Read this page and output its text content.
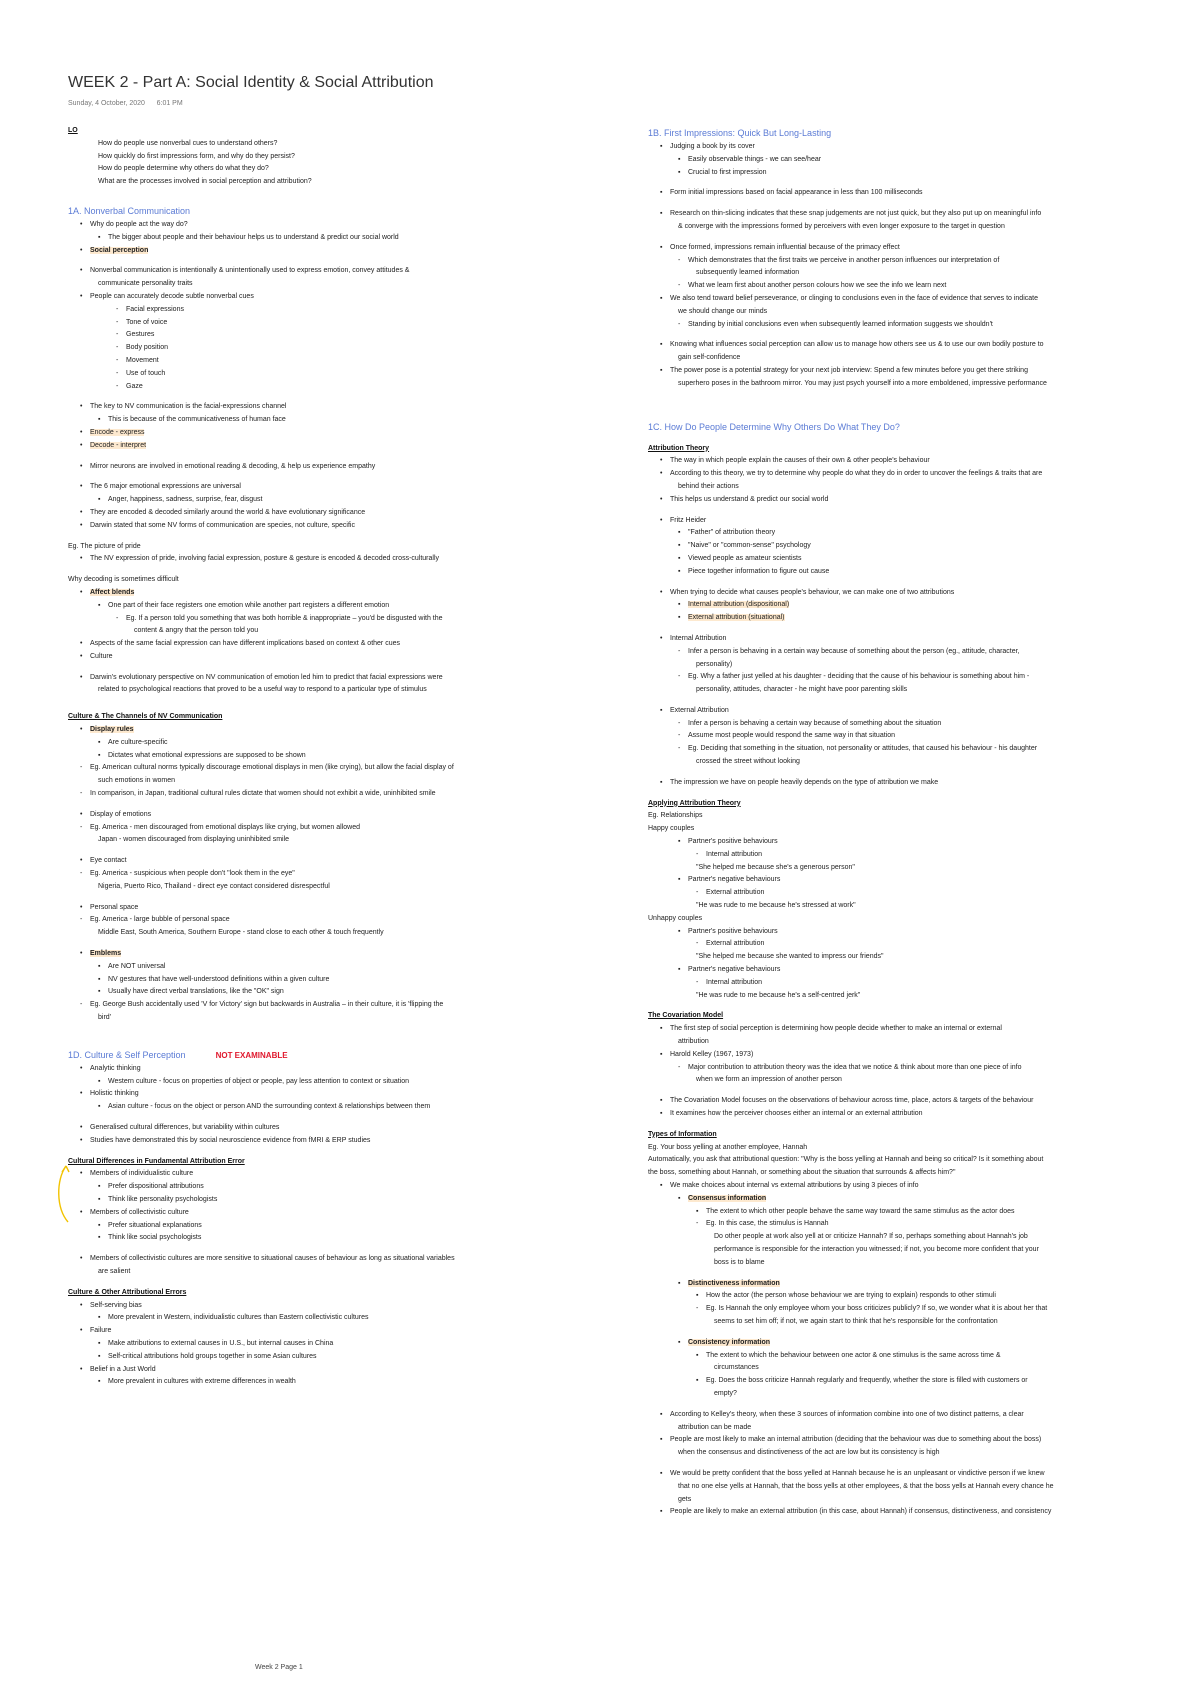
WEEK 2 - Part A: Social Identity & Social Attribution
Sunday, 4 October, 2020 6:01 PM
LO
How do people use nonverbal cues to understand others?
How quickly do first impressions form, and why do they persist?
How do people determine why others do what they do?
What are the processes involved in social perception and attribution?
1A. Nonverbal Communication
• Why do people act the way do?
▪ The bigger about people and their behaviour helps us to understand & predict our social world
• Social perception
• Nonverbal communication is intentionally & unintentionally used to express emotion, convey attitudes &
communicate personality traits
• People can accurately decode subtle nonverbal cues
- Facial expressions
- Tone of voice
- Gestures
- Body position
- Movement
- Use of touch
- Gaze
• The key to NV communication is the facial-expressions channel
▪ This is because of the communicativeness of human face
• Encode - express
• Decode - interpret
• Mirror neurons are involved in emotional reading & decoding, & help us experience empathy
• The 6 major emotional expressions are universal
▪ Anger, happiness, sadness, surprise, fear, disgust
• They are encoded & decoded similarly around the world & have evolutionary significance
• Darwin stated that some NV forms of communication are species, not culture, specific
Eg. The picture of pride
• The NV expression of pride, involving facial expression, posture & gesture is encoded & decoded cross-culturally
Why decoding is sometimes difficult
• Affect blends
▪ One part of their face registers one emotion while another part registers a different emotion
- Eg. If a person told you something that was both horrible & inappropriate – you'd be disgusted with the
content & angry that the person told you
• Aspects of the same facial expression can have different implications based on context & other cues
• Culture
• Darwin's evolutionary perspective on NV communication of emotion led him to predict that facial expressions were
related to psychological reactions that proved to be a useful way to respond to a particular type of stimulus
Culture & The Channels of NV Communication
• Display rules
▪ Are culture-specific
▪ Dictates what emotional expressions are supposed to be shown
- Eg. American cultural norms typically discourage emotional displays in men (like crying), but allow the facial display of
such emotions in women
- In comparison, in Japan, traditional cultural rules dictate that women should not exhibit a wide, uninhibited smile
• Display of emotions
- Eg. America - men discouraged from emotional displays like crying, but women allowed
Japan - women discouraged from displaying uninhibited smile
• Eye contact
- Eg. America - suspicious when people don't "look them in the eye"
Nigeria, Puerto Rico, Thailand - direct eye contact considered disrespectful
• Personal space
- Eg. America - large bubble of personal space
Middle East, South America, Southern Europe - stand close to each other & touch frequently
• Emblems
▪ Are NOT universal
▪ NV gestures that have well-understood definitions within a given culture
▪ Usually have direct verbal translations, like the "OK" sign
- Eg. George Bush accidentally used 'V for Victory' sign but backwards in Australia – in their culture, it is 'flipping the
bird'
1D. Culture & Self Perception	NOT EXAMINABLE
• Analytic thinking
▪ Western culture - focus on properties of object or people, pay less attention to context or situation
• Holistic thinking
▪ Asian culture - focus on the object or person AND the surrounding context & relationships between them
• Generalised cultural differences, but variability within cultures
• Studies have demonstrated this by social neuroscience evidence from fMRI & ERP studies
Cultural Differences in Fundamental Attribution Error
• Members of individualistic culture
▪ Prefer dispositional attributions
▪ Think like personality psychologists
• Members of collectivistic culture
▪ Prefer situational explanations
▪ Think like social psychologists
• Members of collectivistic cultures are more sensitive to situational causes of behaviour as long as situational variables
are salient
Culture & Other Attributional Errors
• Self-serving bias
▪ More prevalent in Western, individualistic cultures than Eastern collectivistic cultures
• Failure
▪ Make attributions to external causes in U.S., but internal causes in China
▪ Self-critical attributions hold groups together in some Asian cultures
• Belief in a Just World
▪ More prevalent in cultures with extreme differences in wealth
1B. First Impressions: Quick But Long-Lasting
▪ Judging a book by its cover
▪ Easily observable things - we can see/hear
▪ Crucial to first impression
▪ Form initial impressions based on facial appearance in less than 100 milliseconds
▪ Research on thin-slicing indicates that these snap judgements are not just quick, but they also put up on meaningful info
& converge with the impressions formed by perceivers with even longer exposure to the target in question
▪ Once formed, impressions remain influential because of the primacy effect
- Which demonstrates that the first traits we perceive in another person influences our interpretation of
subsequently learned information
- What we learn first about another person colours how we see the info we learn next
▪ We also tend toward belief perseverance, or clinging to conclusions even in the face of evidence that serves to indicate
we should change our minds
- Standing by initial conclusions even when subsequently learned information suggests we shouldn't
▪ Knowing what influences social perception can allow us to manage how others see us & to use our own bodily posture to
gain self-confidence
▪ The power pose is a potential strategy for your next job interview: Spend a few minutes before you get there striking
superhero poses in the bathroom mirror. You may just psych yourself into a more emboldened, impressive performance
1C. How Do People Determine Why Others Do What They Do?
Attribution Theory
• The way in which people explain the causes of their own & other people's behaviour
• According to this theory, we try to determine why people do what they do in order to uncover the feelings & traits that are
behind their actions
• This helps us understand & predict our social world
• Fritz Heider
▪ "Father" of attribution theory
▪ "Naive" or "common-sense" psychology
▪ Viewed people as amateur scientists
▪ Piece together information to figure out cause
• When trying to decide what causes people's behaviour, we can make one of two attributions
▪ Internal attribution (dispositional)
▪ External attribution (situational)
• Internal Attribution
- Infer a person is behaving in a certain way because of something about the person (eg., attitude, character,
personality)
- Eg. Why a father just yelled at his daughter - deciding that the cause of his behaviour is something about him -
personality, attitudes, character - he might have poor parenting skills
▪ External Attribution
- Infer a person is behaving a certain way because of something about the situation
- Assume most people would respond the same way in that situation
- Eg. Deciding that something in the situation, not personality or attitudes, that caused his behaviour - his daughter
crossed the street without looking
▪ The impression we have on people heavily depends on the type of attribution we make
Applying Attribution Theory
Eg. Relationships
Happy couples
▪ Partner's positive behaviours
- Internal attribution
"She helped me because she's a generous person"
▪ Partner's negative behaviours
- External attribution
"He was rude to me because he's stressed at work"
Unhappy couples
▪ Partner's positive behaviours
- External attribution
"She helped me because she wanted to impress our friends"
▪ Partner's negative behaviours
- Internal attribution
"He was rude to me because he's a self-centred jerk"
The Covariation Model
▪ The first step of social perception is determining how people decide whether to make an internal or external
attribution
▪ Harold Kelley (1967, 1973)
- Major contribution to attribution theory was the idea that we notice & think about more than one piece of info
when we form an impression of another person
▪ The Covariation Model focuses on the observations of behaviour across time, place, actors & targets of the behaviour
▪ It examines how the perceiver chooses either an internal or an external attribution
Types of Information
Eg. Your boss yelling at another employee, Hannah
Automatically, you ask that attributional question: "Why is the boss yelling at Hannah and being so critical? Is it something about
the boss, something about Hannah, or something about the situation that surrounds & affects him?"
▪ We make choices about internal vs external attributions by using 3 pieces of info
▪ Consensus information
▪ The extent to which other people behave the same way toward the same stimulus as the actor does
- Eg. In this case, the stimulus is Hannah
Do other people at work also yell at or criticize Hannah? If so, perhaps something about Hannah's job
performance is responsible for the interaction you witnessed; if not, you become more confident that your
boss is to blame
▪ Distinctiveness information
▪ How the actor (the person whose behaviour we are trying to explain) responds to other stimuli
- Eg. Is Hannah the only employee whom your boss criticizes publicly? If so, we wonder what it is about her that
seems to set him off; if not, we again start to think that he's responsible for the confrontation
▪ Consistency information
▪ The extent to which the behaviour between one actor & one stimulus is the same across time &
circumstances
▪ Eg. Does the boss criticize Hannah regularly and frequently, whether the store is filled with customers or
empty?
▪ According to Kelley's theory, when these 3 sources of information combine into one of two distinct patterns, a clear
attribution can be made
▪ People are most likely to make an internal attribution (deciding that the behaviour was due to something about the boss)
when the consensus and distinctiveness of the act are low but its consistency is high
▪ We would be pretty confident that the boss yelled at Hannah because he is an unpleasant or vindictive person if we knew
that no one else yells at Hannah, that the boss yells at other employees, & that the boss yells at Hannah every chance he
gets
▪ People are likely to make an external attribution (in this case, about Hannah) if consensus, distinctiveness, and consistency
Week 2 Page 1
